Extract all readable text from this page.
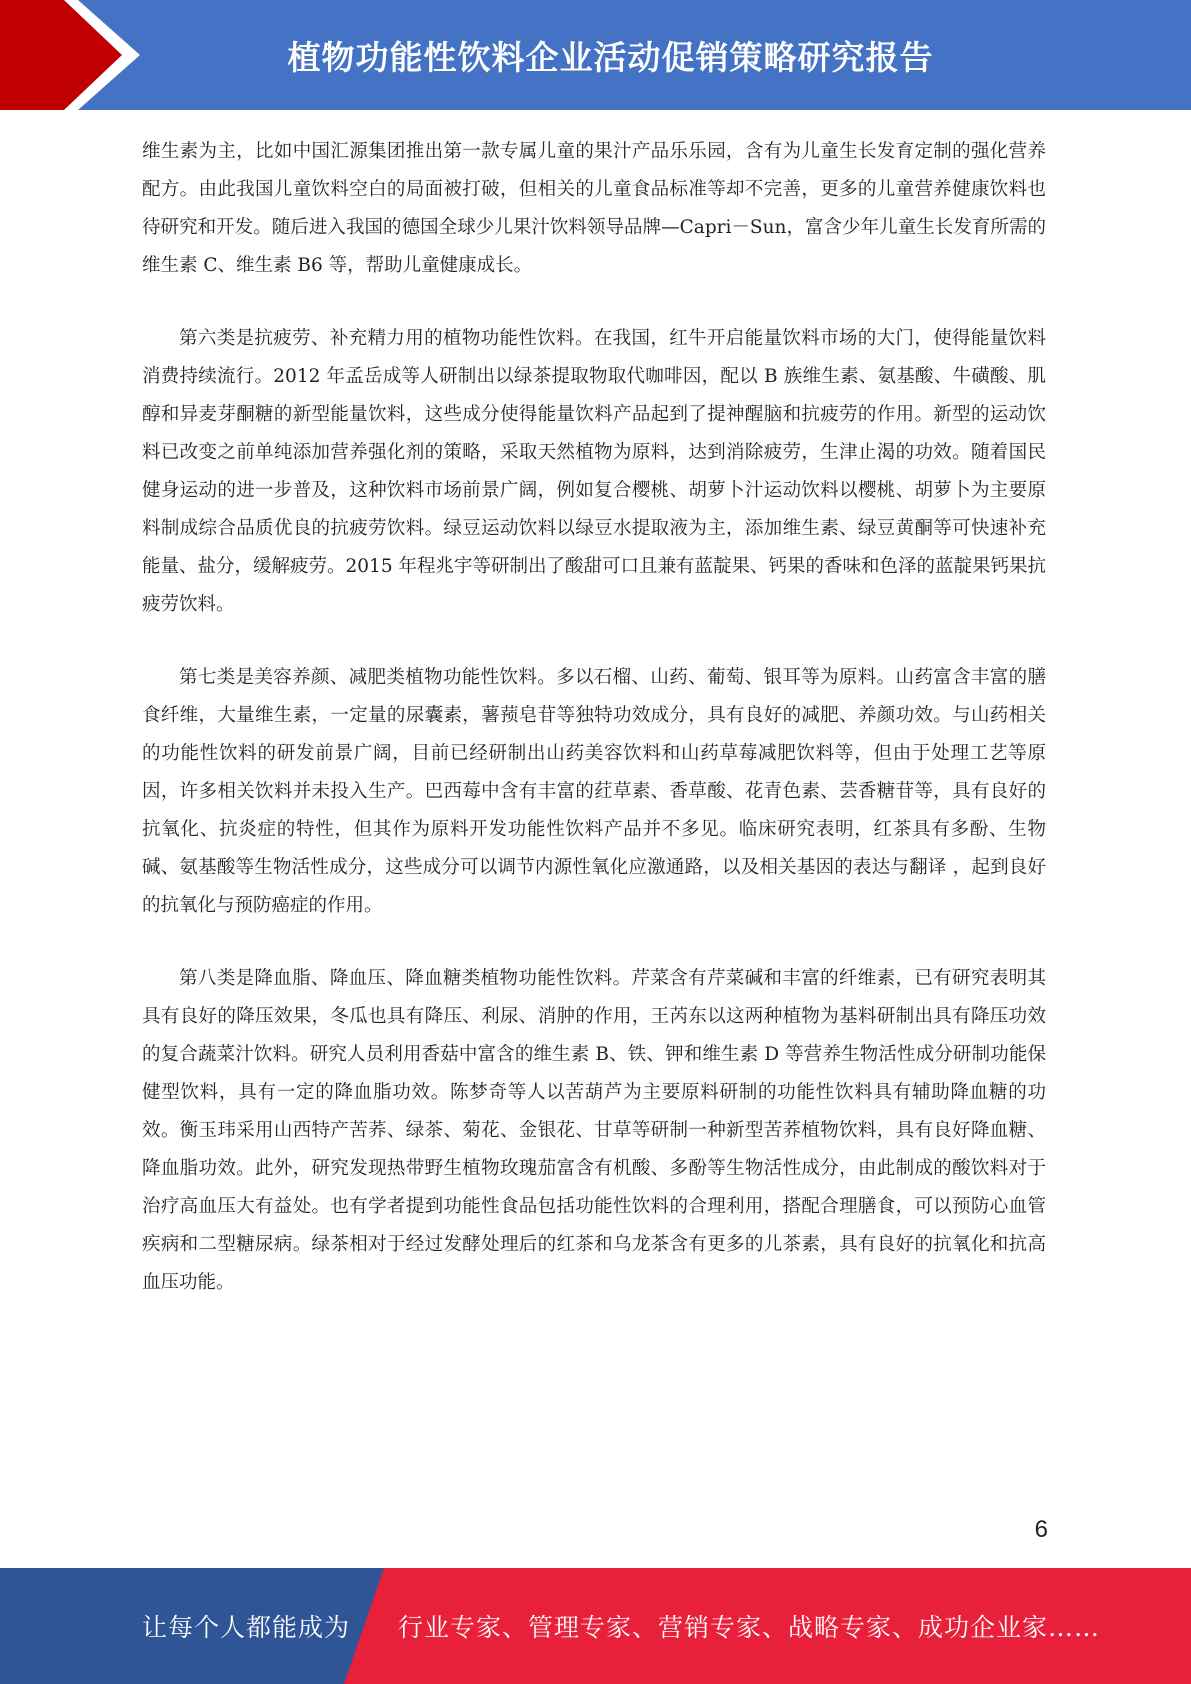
植物功能性饮料企业活动促销策略研究报告

维生素为主，比如中国汇源集团推出第一款专属儿童的果汁产品乐乐园，含有为儿童生长发育定制的强化营养配方。由此我国儿童饮料空白的局面被打破，但相关的儿童食品标准等却不完善，更多的儿童营养健康饮料也待研究和开发。随后进入我国的德国全球少儿果汁饮料领导品牌—Capri－Sun，富含少年儿童生长发育所需的维生素 C、维生素 B6 等，帮助儿童健康成长。

第六类是抗疲劳、补充精力用的植物功能性饮料。在我国，红牛开启能量饮料市场的大门，使得能量饮料消费持续流行。2012 年孟岳成等人研制出以绿茶提取物取代咖啡因，配以 B 族维生素、氨基酸、牛磺酸、肌醇和异麦芽酮糖的新型能量饮料，这些成分使得能量饮料产品起到了提神醒脑和抗疲劳的作用。新型的运动饮料已改变之前单纯添加营养强化剂的策略，采取天然植物为原料，达到消除疲劳，生津止渴的功效。随着国民健身运动的进一步普及，这种饮料市场前景广阔，例如复合樱桃、胡萝卜汁运动饮料以樱桃、胡萝卜为主要原料制成综合品质优良的抗疲劳饮料。绿豆运动饮料以绿豆水提取液为主，添加维生素、绿豆黄酮等可快速补充能量、盐分，缓解疲劳。2015 年程兆宇等研制出了酸甜可口且兼有蓝靛果、钙果的香味和色泽的蓝靛果钙果抗疲劳饮料。

第七类是美容养颜、减肥类植物功能性饮料。多以石榴、山药、葡萄、银耳等为原料。山药富含丰富的膳食纤维，大量维生素，一定量的尿囊素，薯蓣皂苷等独特功效成分，具有良好的减肥、养颜功效。与山药相关的功能性饮料的研发前景广阔，目前已经研制出山药美容饮料和山药草莓减肥饮料等，但由于处理工艺等原因，许多相关饮料并未投入生产。巴西莓中含有丰富的荭草素、香草酸、花青色素、芸香糖苷等，具有良好的抗氧化、抗炎症的特性，但其作为原料开发功能性饮料产品并不多见。临床研究表明，红茶具有多酚、生物碱、氨基酸等生物活性成分，这些成分可以调节内源性氧化应激通路，以及相关基因的表达与翻译 ，起到良好的抗氧化与预防癌症的作用。

第八类是降血脂、降血压、降血糖类植物功能性饮料。芹菜含有芹菜碱和丰富的纤维素，已有研究表明其具有良好的降压效果，冬瓜也具有降压、利尿、消肿的作用，王芮东以这两种植物为基料研制出具有降压功效的复合蔬菜汁饮料。研究人员利用香菇中富含的维生素 B、铁、钾和维生素 D 等营养生物活性成分研制功能保健型饮料，具有一定的降血脂功效。陈梦奇等人以苦葫芦为主要原料研制的功能性饮料具有辅助降血糖的功效。衡玉玮采用山西特产苦荞、绿茶、菊花、金银花、甘草等研制一种新型苦荞植物饮料，具有良好降血糖、降血脂功效。此外，研究发现热带野生植物玫瑰茄富含有机酸、多酚等生物活性成分，由此制成的酸饮料对于治疗高血压大有益处。也有学者提到功能性食品包括功能性饮料的合理利用，搭配合理膳食，可以预防心血管疾病和二型糖尿病。绿茶相对于经过发酵处理后的红茶和乌龙茶含有更多的儿茶素，具有良好的抗氧化和抗高血压功能。

6
让每个人都能成为 行业专家、管理专家、营销专家、战略专家、成功企业家……
